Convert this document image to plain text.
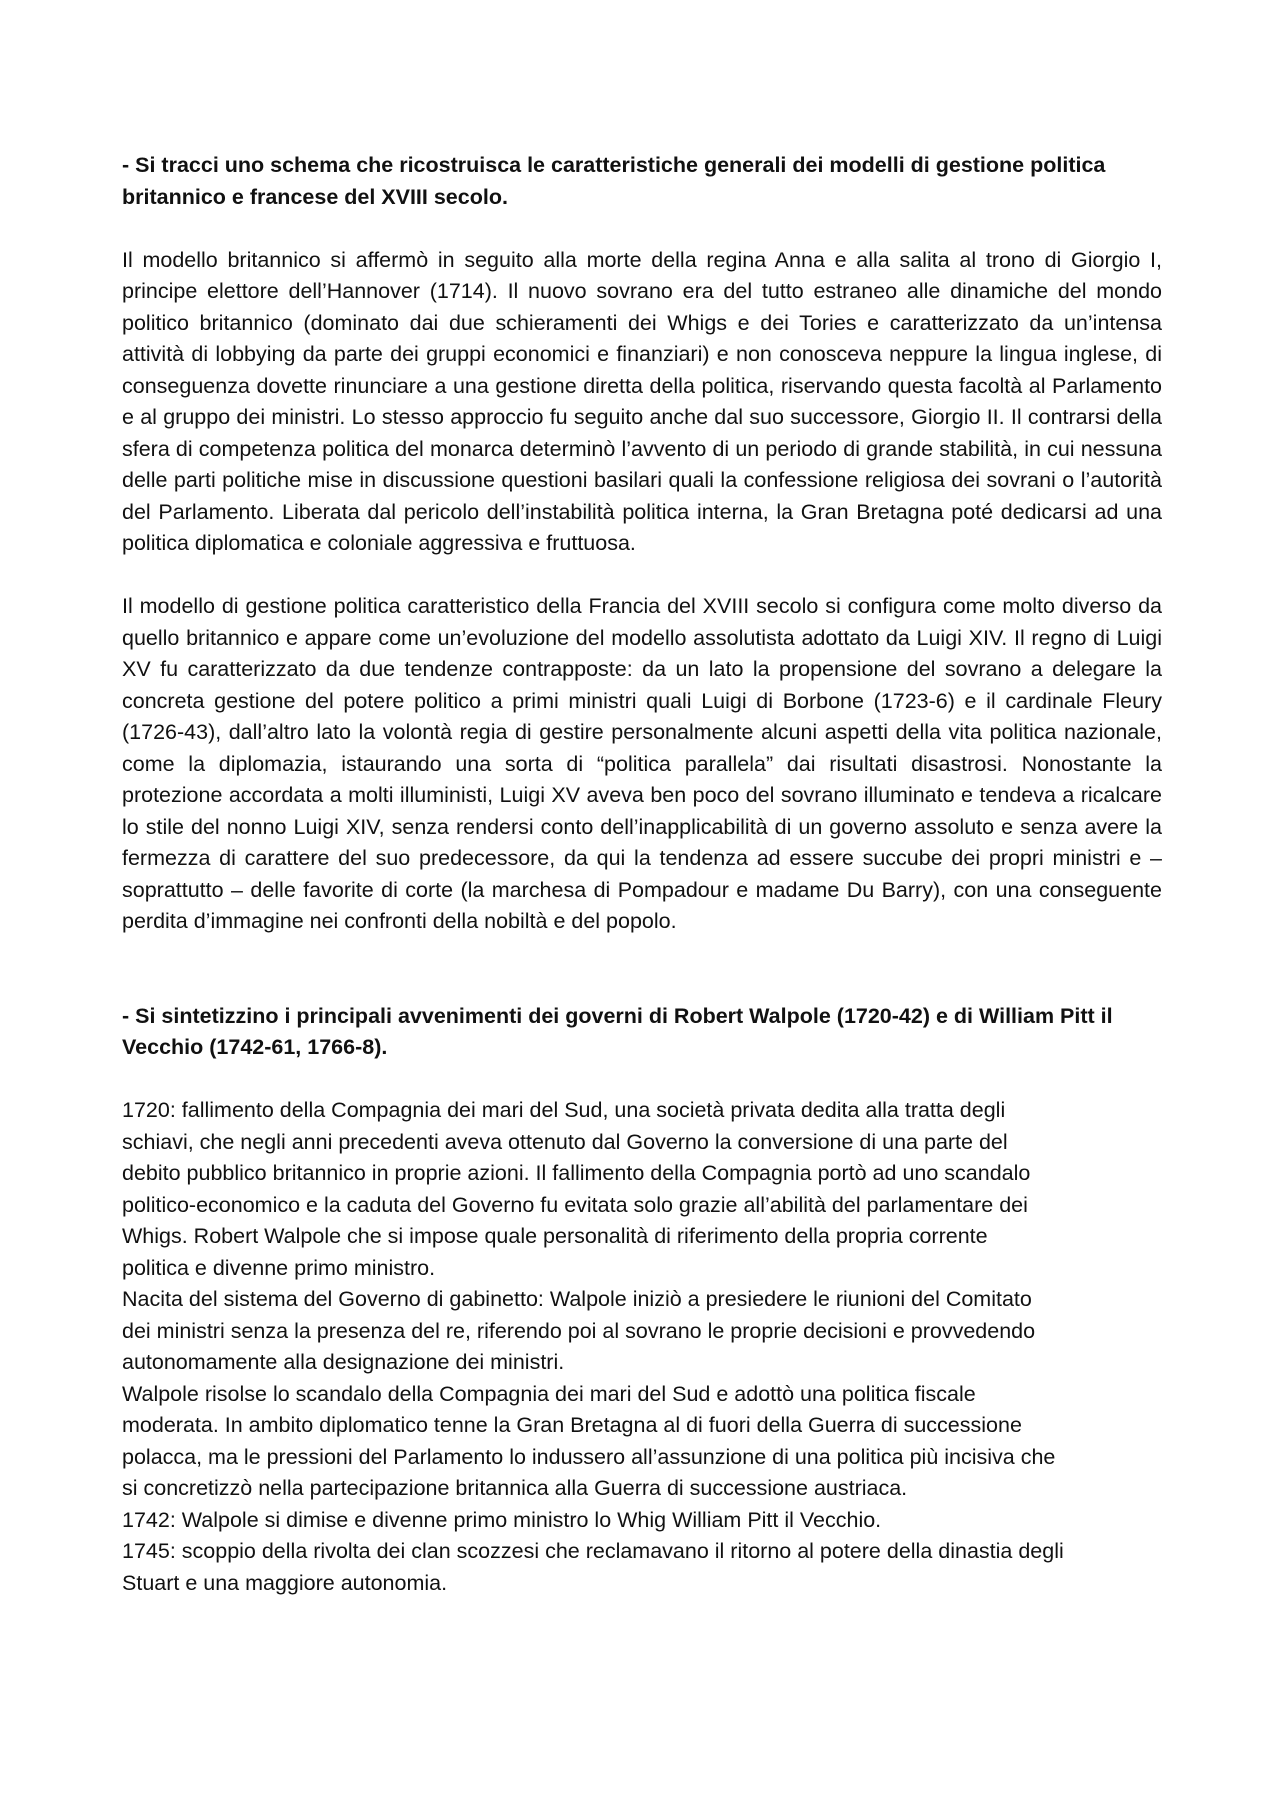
- Si tracci uno schema che ricostruisca le caratteristiche generali dei modelli di gestione politica britannico e francese del XVIII secolo.

Il modello britannico si affermò in seguito alla morte della regina Anna e alla salita al trono di Giorgio I, principe elettore dell’Hannover (1714). Il nuovo sovrano era del tutto estraneo alle dinamiche del mondo politico britannico (dominato dai due schieramenti dei Whigs e dei Tories e caratterizzato da un’intensa attività di lobbying da parte dei gruppi economici e finanziari) e non conosceva neppure la lingua inglese, di conseguenza dovette rinunciare a una gestione diretta della politica, riservando questa facoltà al Parlamento e al gruppo dei ministri. Lo stesso approccio fu seguito anche dal suo successore, Giorgio II. Il contrarsi della sfera di competenza politica del monarca determinò l’avvento di un periodo di grande stabilità, in cui nessuna delle parti politiche mise in discussione questioni basilari quali la confessione religiosa dei sovrani o l’autorità del Parlamento. Liberata dal pericolo dell’instabilità politica interna, la Gran Bretagna poté dedicarsi ad una politica diplomatica e coloniale aggressiva e fruttuosa.

Il modello di gestione politica caratteristico della Francia del XVIII secolo si configura come molto diverso da quello britannico e appare come un’evoluzione del modello assolutista adottato da Luigi XIV. Il regno di Luigi XV fu caratterizzato da due tendenze contrapposte: da un lato la propensione del sovrano a delegare la concreta gestione del potere politico a primi ministri quali Luigi di Borbone (1723-6) e il cardinale Fleury (1726-43), dall’altro lato la volontà regia di gestire personalmente alcuni aspetti della vita politica nazionale, come la diplomazia, istaurando una sorta di “politica parallela” dai risultati disastrosi. Nonostante la protezione accordata a molti illuministi, Luigi XV aveva ben poco del sovrano illuminato e tendeva a ricalcare lo stile del nonno Luigi XIV, senza rendersi conto dell’inapplicabilità di un governo assoluto e senza avere la fermezza di carattere del suo predecessore, da qui la tendenza ad essere succube dei propri ministri e – soprattutto – delle favorite di corte (la marchesa di Pompadour e madame Du Barry), con una conseguente perdita d’immagine nei confronti della nobiltà e del popolo.

- Si sintetizzino i principali avvenimenti dei governi di Robert Walpole (1720-42) e di William Pitt il Vecchio (1742-61, 1766-8).

1720: fallimento della Compagnia dei mari del Sud, una società privata dedita alla tratta degli

schiavi, che negli anni precedenti aveva ottenuto dal Governo la conversione di una parte del

debito pubblico britannico in proprie azioni. Il fallimento della Compagnia portò ad uno scandalo

politico-economico e la caduta del Governo fu evitata solo grazie all’abilità del parlamentare dei

Whigs. Robert Walpole che si impose quale personalità di riferimento della propria corrente

politica e divenne primo ministro.

Nacita del sistema del Governo di gabinetto: Walpole iniziò a presiedere le riunioni del Comitato

dei ministri senza la presenza del re, riferendo poi al sovrano le proprie decisioni e provvedendo

autonomamente alla designazione dei ministri.

Walpole risolse lo scandalo della Compagnia dei mari del Sud e adottò una politica fiscale

moderata. In ambito diplomatico tenne la Gran Bretagna al di fuori della Guerra di successione

polacca, ma le pressioni del Parlamento lo indussero all’assunzione di una politica più incisiva che

si concretizzò nella partecipazione britannica alla Guerra di successione austriaca.

1742: Walpole si dimise e divenne primo ministro lo Whig William Pitt il Vecchio.

1745: scoppio della rivolta dei clan scozzesi che reclamavano il ritorno al potere della dinastia degli

Stuart e una maggiore autonomia.
